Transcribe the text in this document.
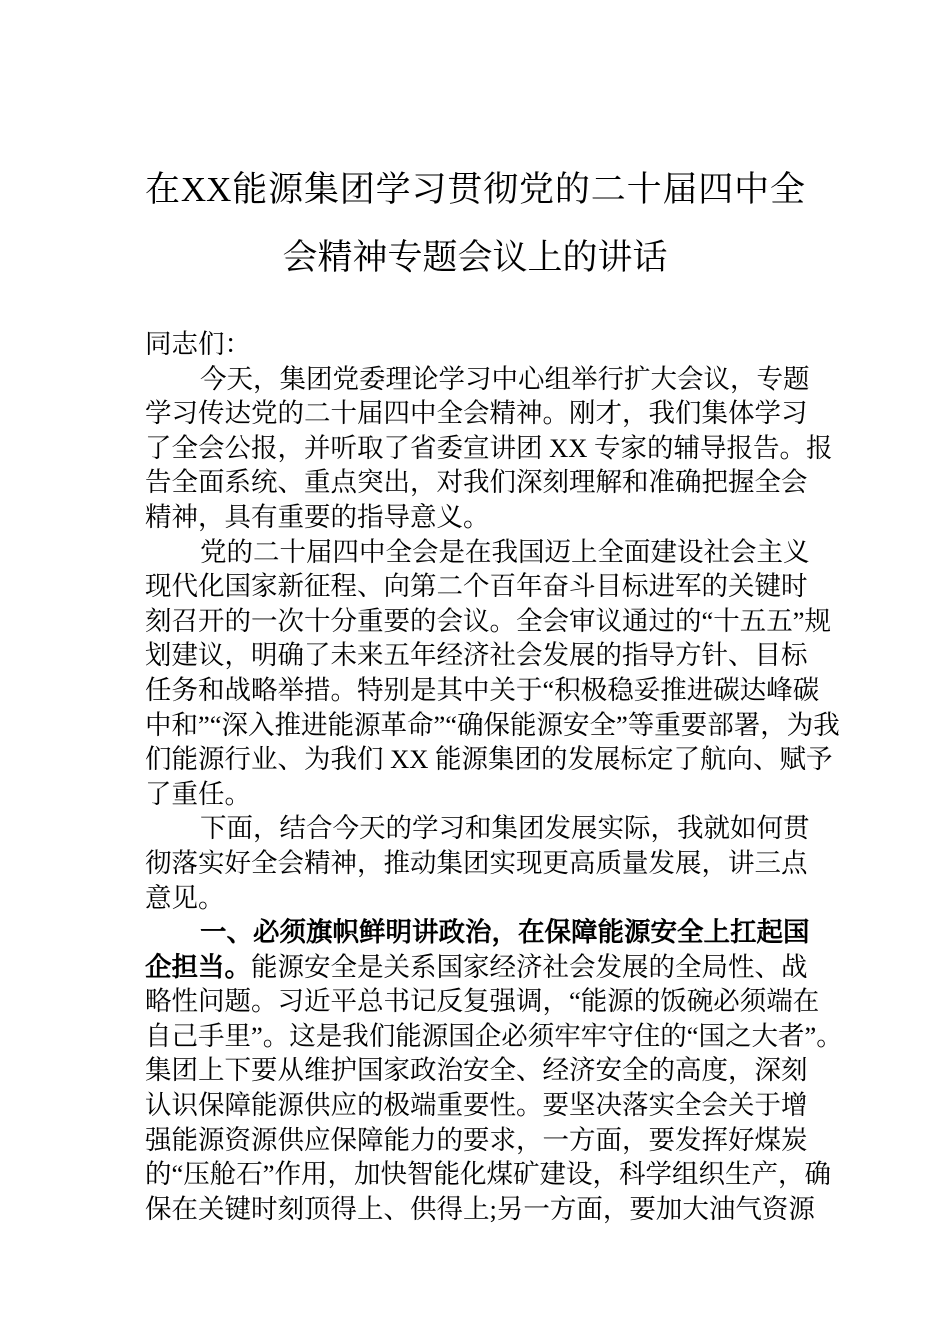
在XX能源集团学习贯彻党的二十届四中全
会精神专题会议上的讲话
同志们：
今天，集团党委理论学习中心组举行扩大会议，专题
学习传达党的二十届四中全会精神。刚才，我们集体学习
了全会公报，并听取了省委宣讲团 XX 专家的辅导报告。报
告全面系统、重点突出，对我们深刻理解和准确把握全会
精神，具有重要的指导意义。
党的二十届四中全会是在我国迈上全面建设社会主义
现代化国家新征程、向第二个百年奋斗目标进军的关键时
刻召开的一次十分重要的会议。全会审议通过的“十五五”规
划建议，明确了未来五年经济社会发展的指导方针、目标
任务和战略举措。特别是其中关于“积极稳妥推进碳达峰碳
中和”“深入推进能源革命”“确保能源安全”等重要部署，为我
们能源行业、为我们 XX 能源集团的发展标定了航向、赋予
了重任。
下面，结合今天的学习和集团发展实际，我就如何贯
彻落实好全会精神，推动集团实现更高质量发展，讲三点
意见。
一、必须旗帜鲜明讲政治，在保障能源安全上扛起国
企担当。能源安全是关系国家经济社会发展的全局性、战
略性问题。习近平总书记反复强调，“能源的饭碗必须端在
自己手里”。这是我们能源国企必须牢牢守住的“国之大者”。
集团上下要从维护国家政治安全、经济安全的高度，深刻
认识保障能源供应的极端重要性。要坚决落实全会关于增
强能源资源供应保障能力的要求，一方面，要发挥好煤炭
的“压舱石”作用，加快智能化煤矿建设，科学组织生产，确
保在关键时刻顶得上、供得上;另一方面，要加大油气资源
